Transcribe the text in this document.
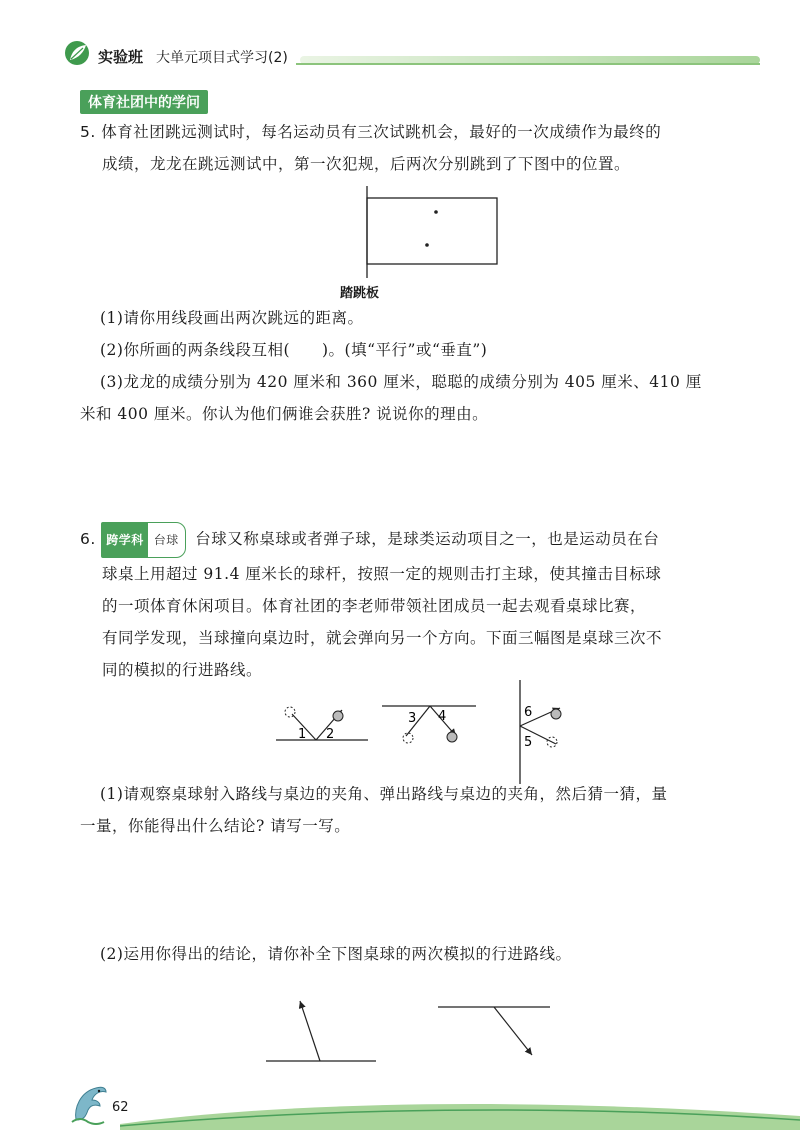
实验班 大单元项目式学习(2)
体育社团中的学问
5. 体育社团跳远测试时，每名运动员有三次试跳机会，最好的一次成绩作为最终的
成绩，龙龙在跳远测试中，第一次犯规，后两次分别跳到了下图中的位置。
踏跳板
(1)请你用线段画出两次跳远的距离。
(2)你所画的两条线段互相(　　)。(填“平行”或“垂直”)
(3)龙龙的成绩分别为 420 厘米和 360 厘米，聪聪的成绩分别为 405 厘米、410 厘
米和 400 厘米。你认为他们俩谁会获胜? 说说你的理由。
6. 跨学科 台球	台球又称桌球或者弹子球，是球类运动项目之一，也是运动员在台
球桌上用超过 91.4 厘米长的球杆，按照一定的规则击打主球，使其撞击目标球
的一项体育休闲项目。体育社团的李老师带领社团成员一起去观看桌球比赛，
有同学发现，当球撞向桌边时，就会弹向另一个方向。下面三幅图是桌球三次不
同的模拟的行进路线。
1 2
3 4	6
5
(1)请观察桌球射入路线与桌边的夹角、弹出路线与桌边的夹角，然后猜一猜，量
一量，你能得出什么结论? 请写一写。
(2)运用你得出的结论，请你补全下图桌球的两次模拟的行进路线。
62
